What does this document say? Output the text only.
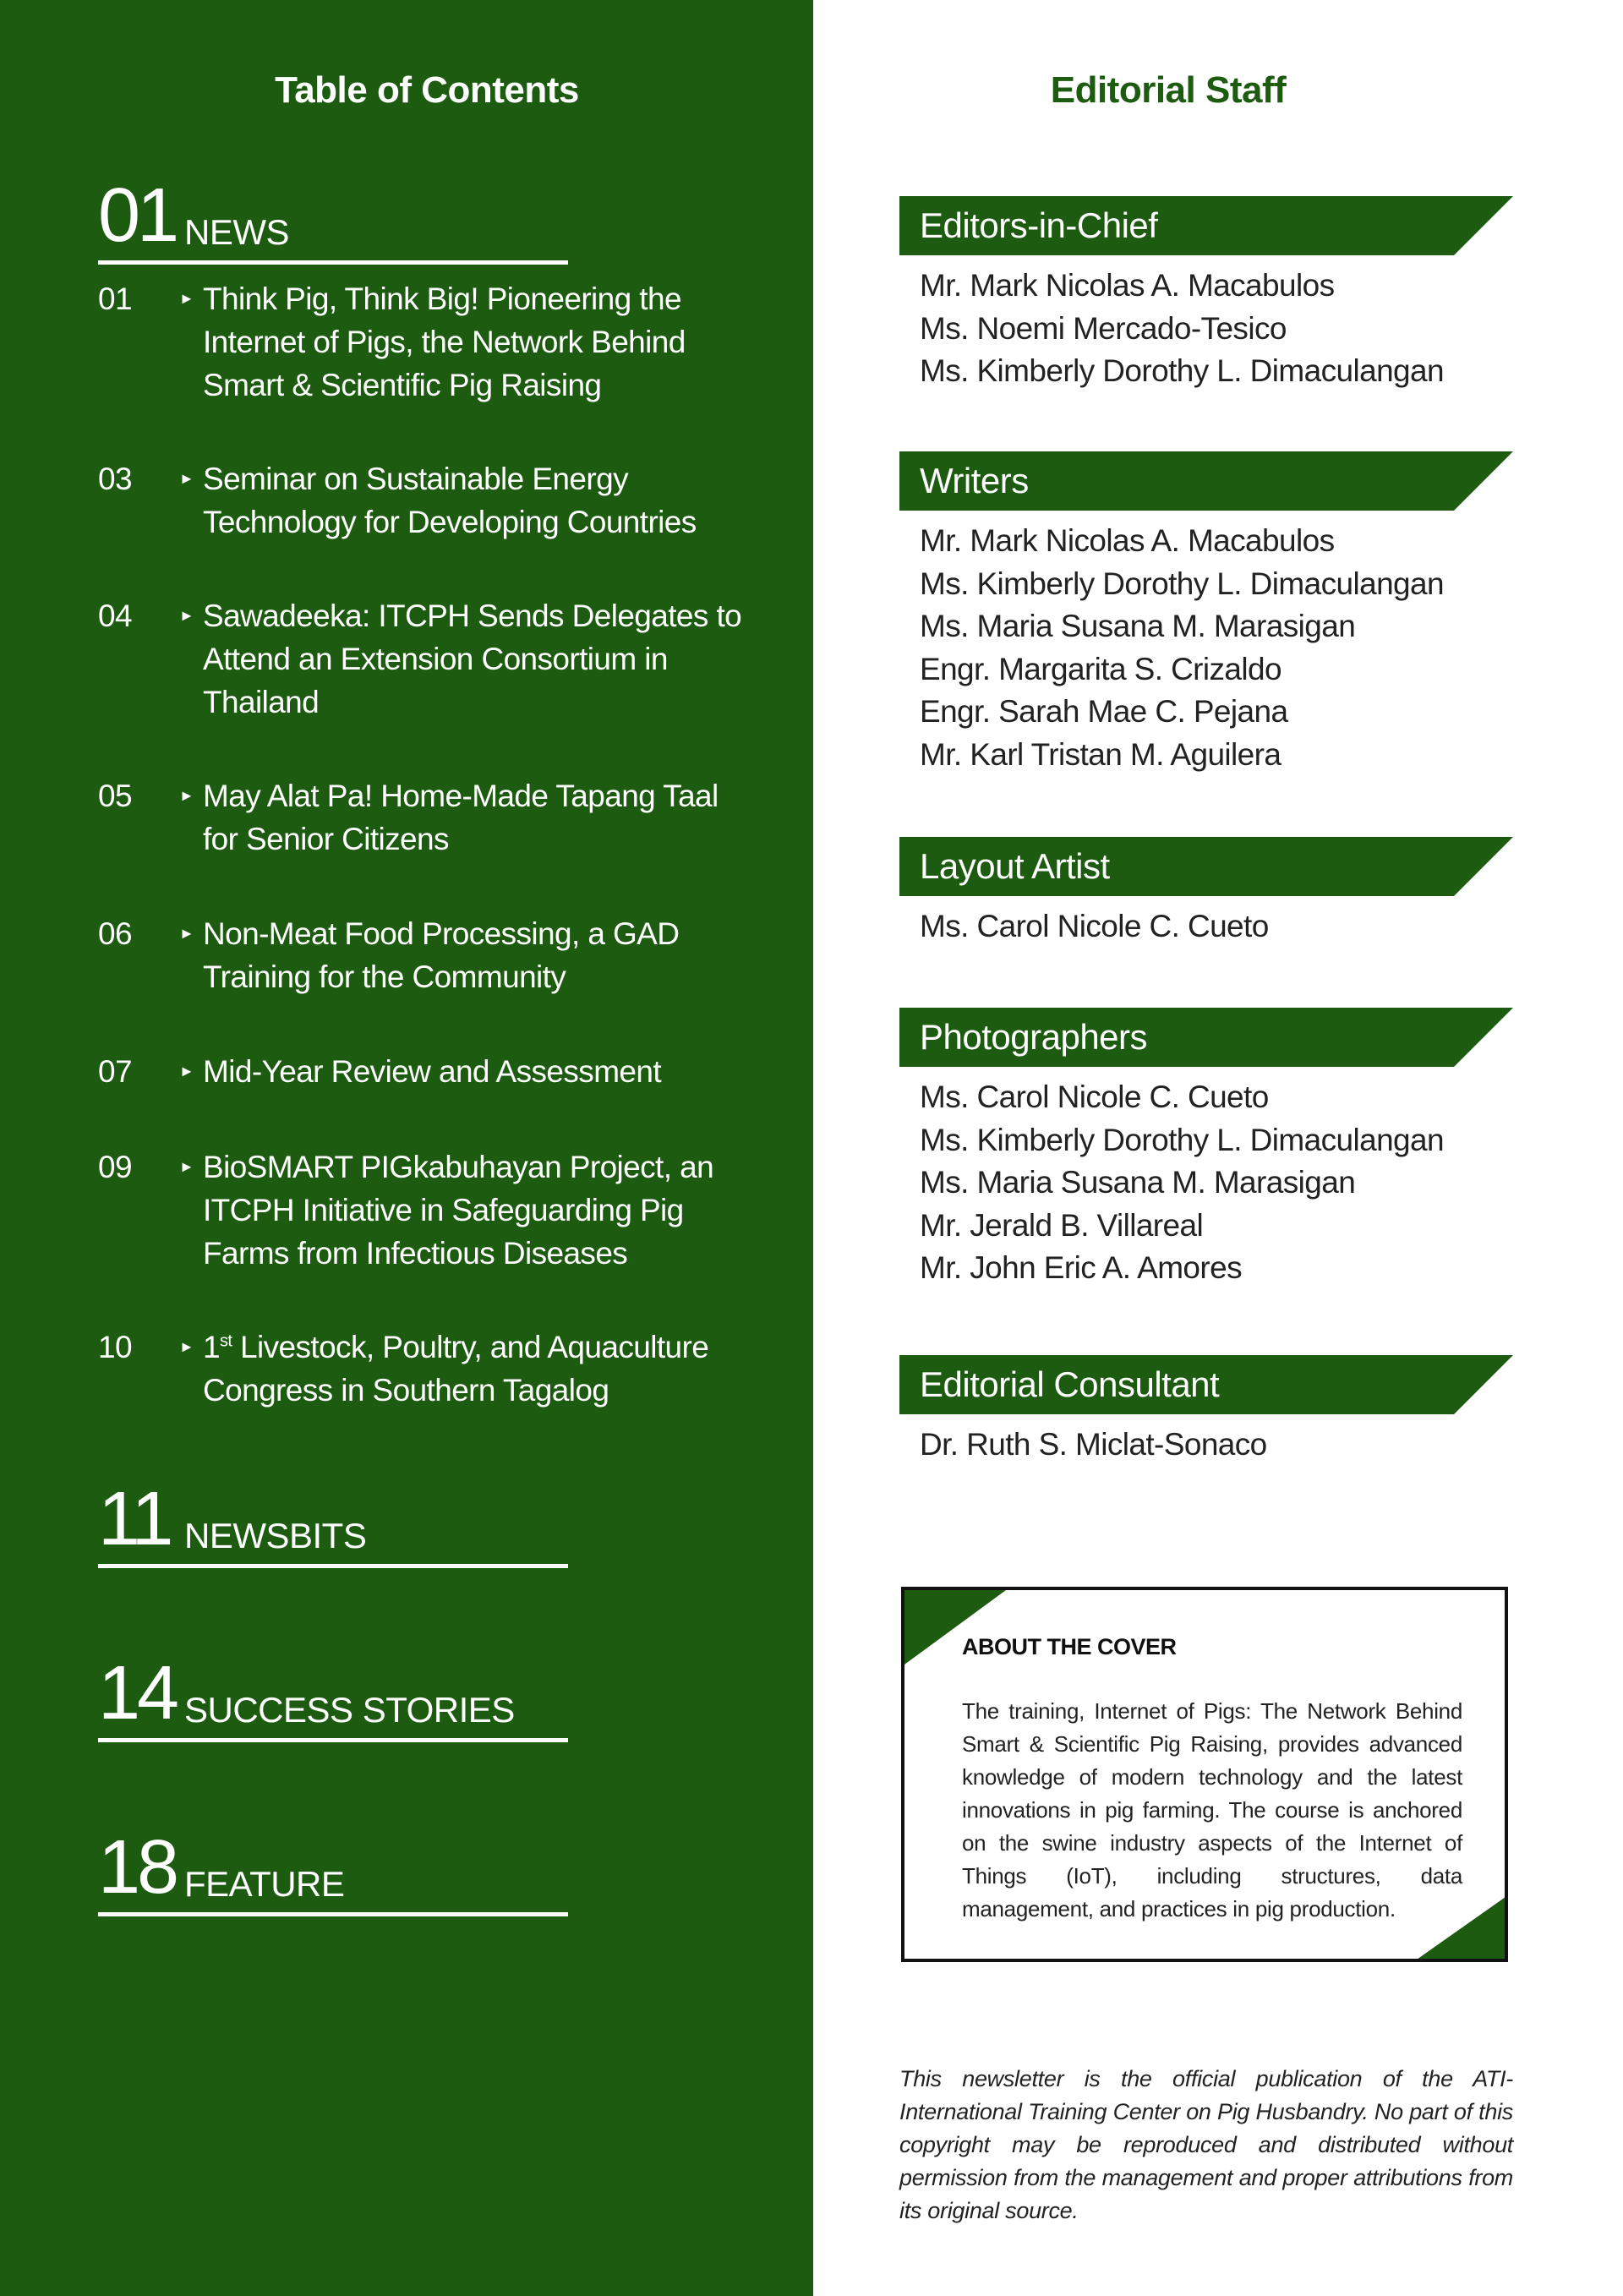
Table of Contents
01 NEWS
01	► Think Pig, Think Big! Pioneering the Internet of Pigs, the Network Behind Smart & Scientific Pig Raising
03	► Seminar on Sustainable Energy Technology for Developing Countries
04	► Sawadeeka: ITCPH Sends Delegates to Attend an Extension Consortium in Thailand
05	► May Alat Pa! Home-Made Tapang Taal for Senior Citizens
06	► Non-Meat Food Processing, a GAD Training for the Community
07	► Mid-Year Review and Assessment
09	► BioSMART PIGkabuhayan Project, an ITCPH Initiative in Safeguarding Pig Farms from Infectious Diseases
10	► 1st Livestock, Poultry, and Aquaculture Congress in Southern Tagalog
11 NEWSBITS
14 SUCCESS STORIES
18 FEATURE
Editorial Staff
Editors-in-Chief
Mr. Mark Nicolas A. Macabulos
Ms. Noemi Mercado-Tesico
Ms. Kimberly Dorothy L. Dimaculangan
Writers
Mr. Mark Nicolas A. Macabulos
Ms. Kimberly Dorothy L. Dimaculangan
Ms. Maria Susana M. Marasigan
Engr. Margarita S. Crizaldo
Engr. Sarah Mae C. Pejana
Mr. Karl Tristan M. Aguilera
Layout Artist
Ms. Carol Nicole C. Cueto
Photographers
Ms. Carol Nicole C. Cueto
Ms. Kimberly Dorothy L. Dimaculangan
Ms. Maria Susana M. Marasigan
Mr. Jerald B. Villareal
Mr. John Eric A. Amores
Editorial Consultant
Dr. Ruth S. Miclat-Sonaco
ABOUT THE COVER
The training, Internet of Pigs: The Network Behind Smart & Scientific Pig Raising, provides advanced knowledge of modern technology and the latest innovations in pig farming. The course is anchored on the swine industry aspects of the Internet of Things (IoT), including structures, data management, and practices in pig production.
This newsletter is the official publication of the ATI-International Training Center on Pig Husbandry. No part of this copyright may be reproduced and distributed without permission from the management and proper attributions from its original source.
